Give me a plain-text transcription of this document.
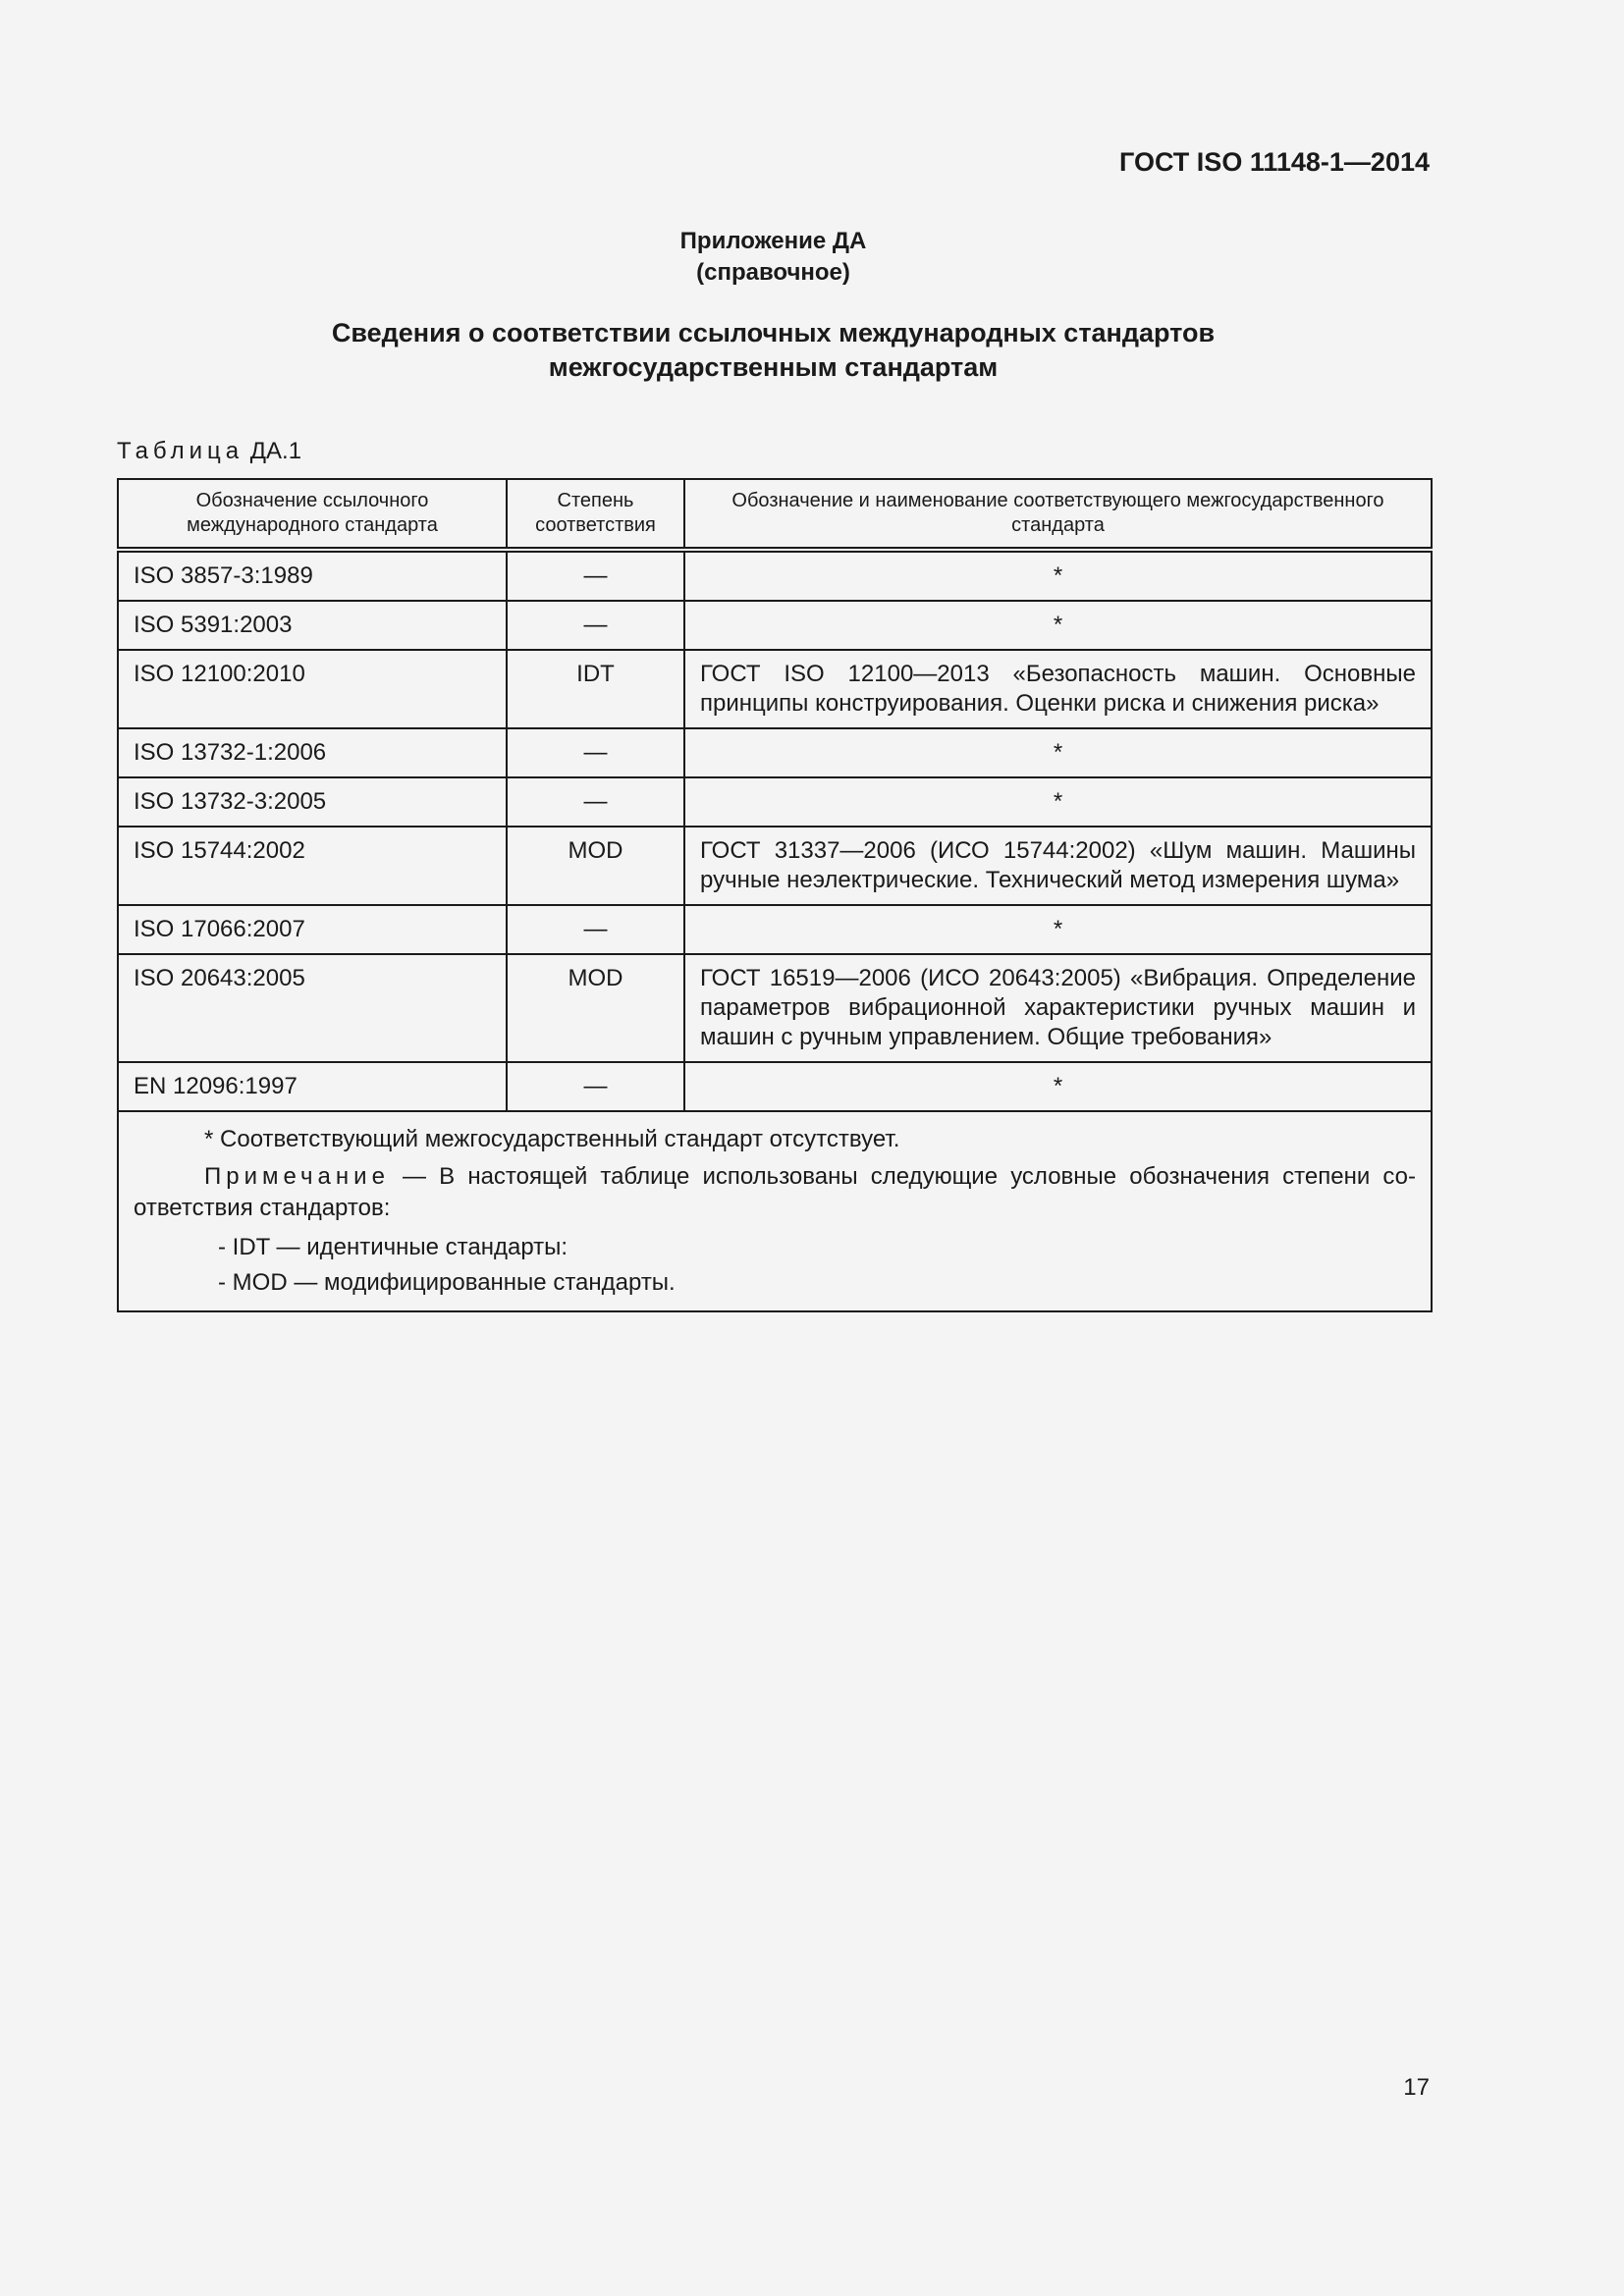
ГОСТ ISO 11148-1—2014
Приложение ДА
(справочное)
Сведения о соответствии ссылочных международных стандартов
межгосударственным стандартам
Таблица ДА.1
Обозначение ссылочного международного стандарта	Степень соответствия	Обозначение и наименование соответствующего межгосударственного стандарта
ISO 3857-3:1989	—	*
ISO 5391:2003	—	*
ISO 12100:2010	IDT	ГОСТ ISO 12100—2013 «Безопасность машин. Основные принципы конструирования. Оценки риска и снижения риска»
ISO 13732-1:2006	—	*
ISO 13732-3:2005	—	*
ISO 15744:2002	MOD	ГОСТ 31337—2006 (ИСО 15744:2002) «Шум машин. Машины ручные неэлектрические. Технический метод измерения шума»
ISO 17066:2007	—	*
ISO 20643:2005	MOD	ГОСТ 16519—2006 (ИСО 20643:2005) «Вибрация. Определение параметров вибрационной характеристики ручных машин и машин с ручным управлением. Общие требования»
EN 12096:1997	—	*

* Соответствующий межгосударственный стандарт отсутствует.
Примечание — В настоящей таблице использованы следующие условные обозначения степени соответствия стандартов:
- IDT — идентичные стандарты:
- MOD — модифицированные стандарты.		
17
